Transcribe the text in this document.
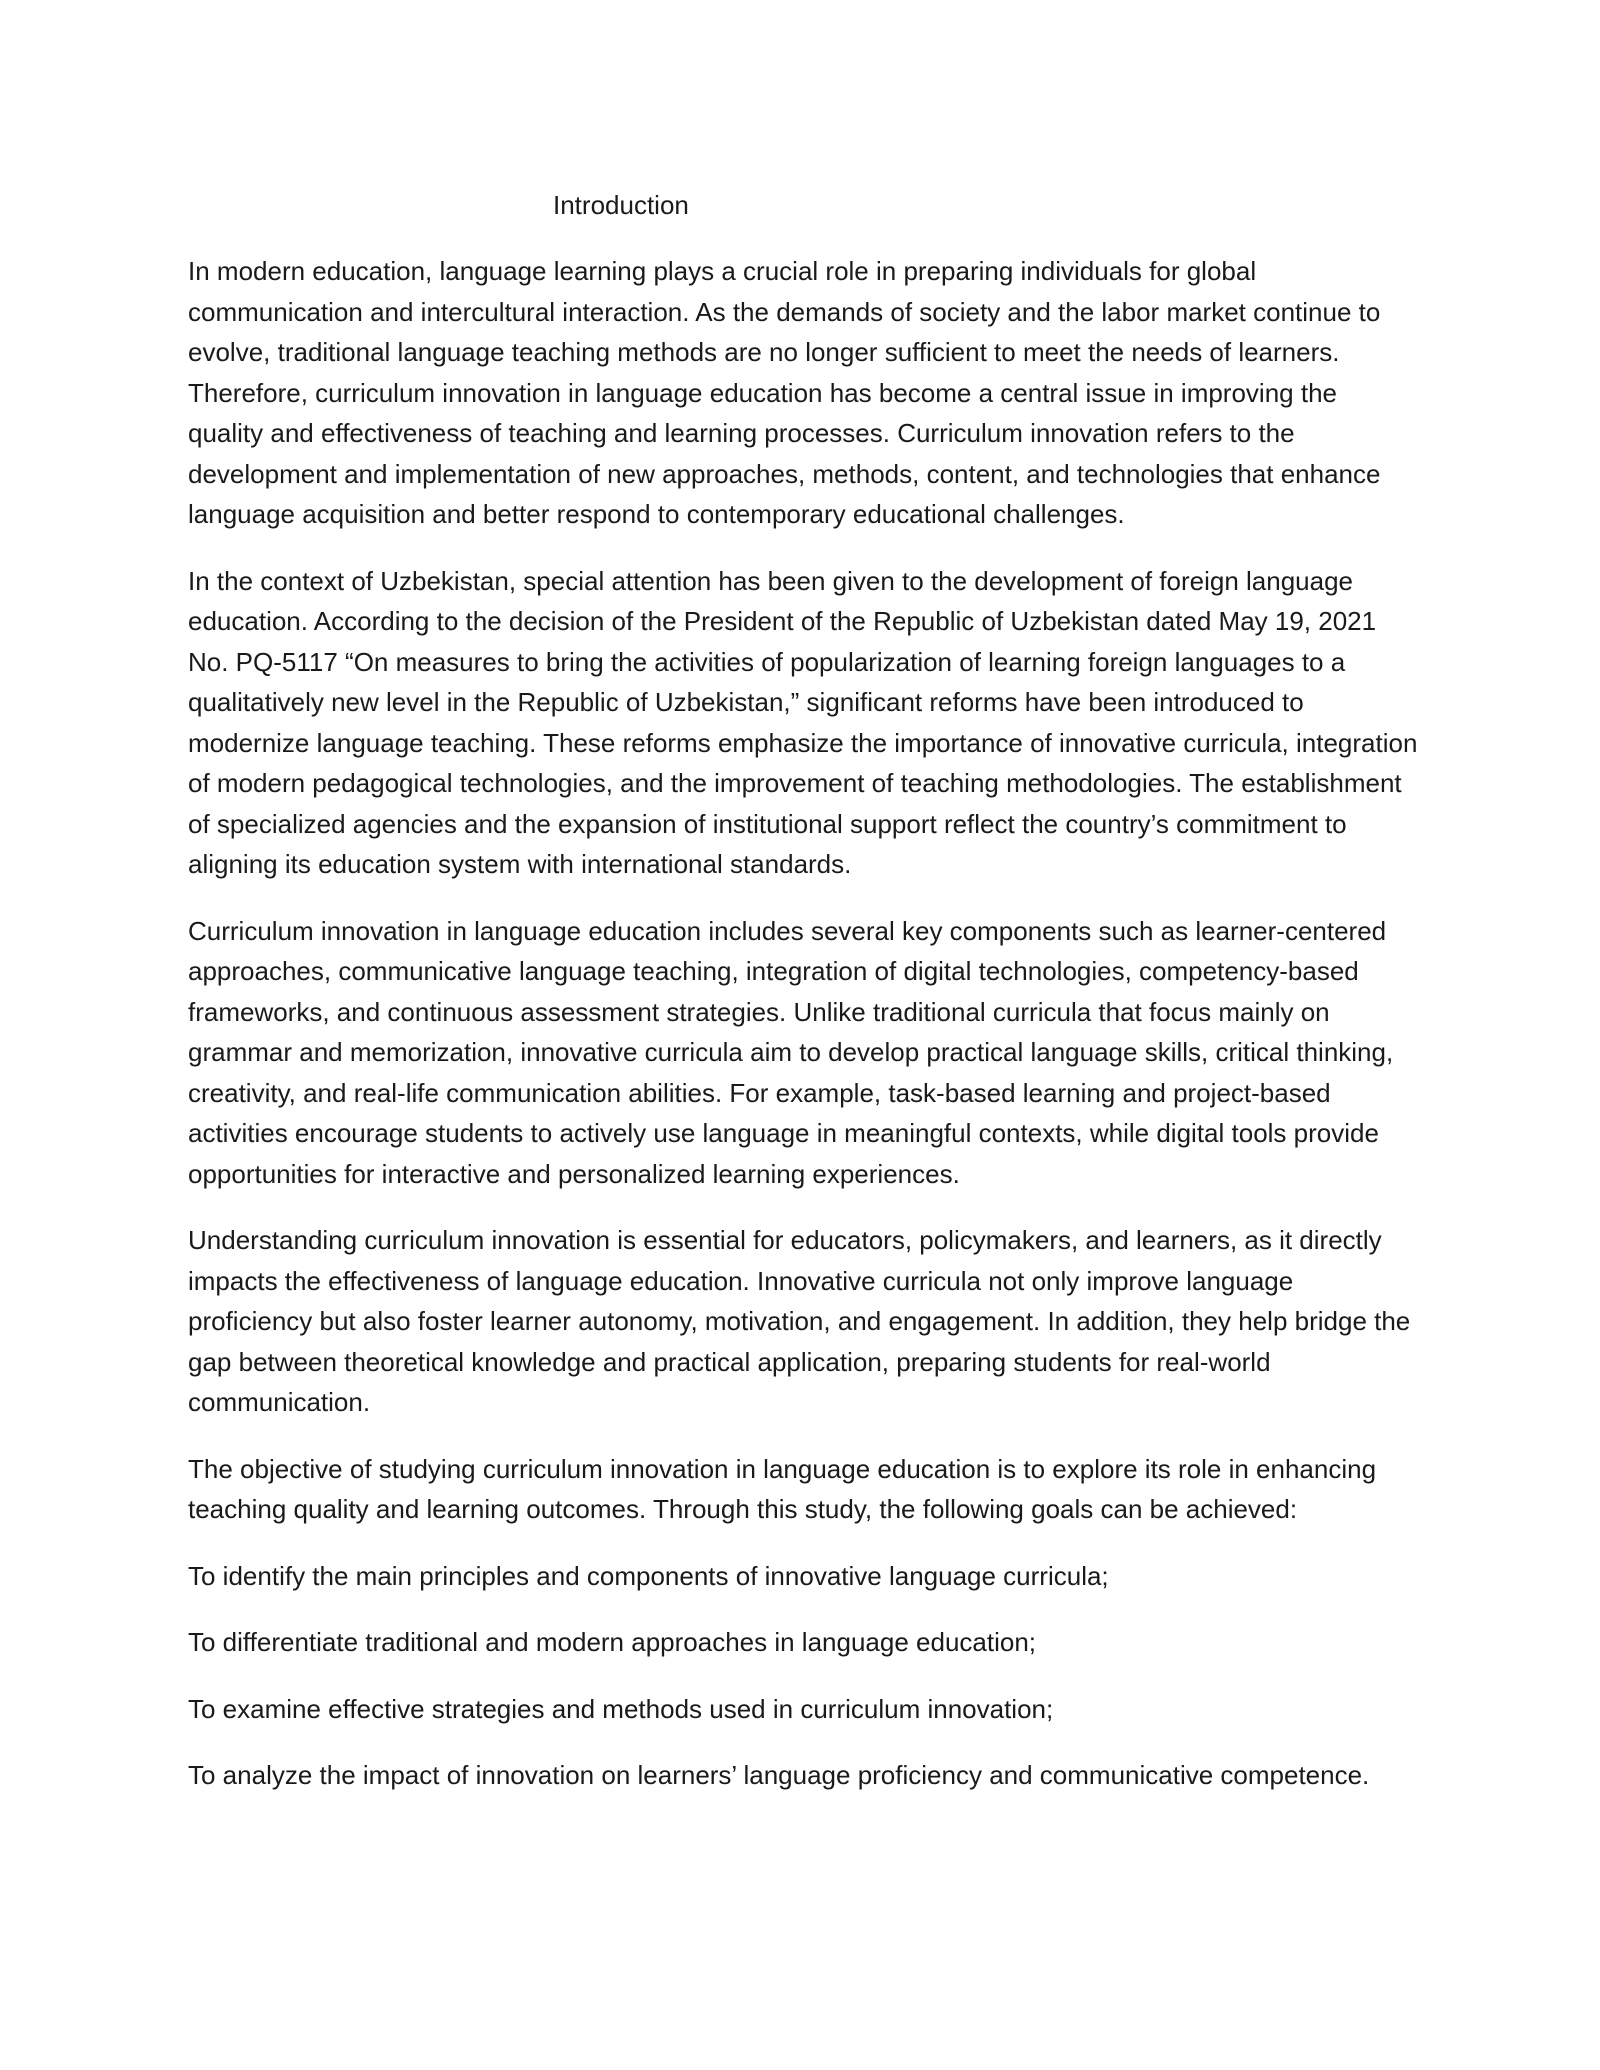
Introduction

In modern education, language learning plays a crucial role in preparing individuals for global communication and intercultural interaction. As the demands of society and the labor market continue to evolve, traditional language teaching methods are no longer sufficient to meet the needs of learners. Therefore, curriculum innovation in language education has become a central issue in improving the quality and effectiveness of teaching and learning processes. Curriculum innovation refers to the development and implementation of new approaches, methods, content, and technologies that enhance language acquisition and better respond to contemporary educational challenges.

In the context of Uzbekistan, special attention has been given to the development of foreign language education. According to the decision of the President of the Republic of Uzbekistan dated May 19, 2021 No. PQ-5117 “On measures to bring the activities of popularization of learning foreign languages to a qualitatively new level in the Republic of Uzbekistan,” significant reforms have been introduced to modernize language teaching. These reforms emphasize the importance of innovative curricula, integration of modern pedagogical technologies, and the improvement of teaching methodologies. The establishment of specialized agencies and the expansion of institutional support reflect the country’s commitment to aligning its education system with international standards.

Curriculum innovation in language education includes several key components such as learner-centered approaches, communicative language teaching, integration of digital technologies, competency-based frameworks, and continuous assessment strategies. Unlike traditional curricula that focus mainly on grammar and memorization, innovative curricula aim to develop practical language skills, critical thinking, creativity, and real-life communication abilities. For example, task-based learning and project-based activities encourage students to actively use language in meaningful contexts, while digital tools provide opportunities for interactive and personalized learning experiences.

Understanding curriculum innovation is essential for educators, policymakers, and learners, as it directly impacts the effectiveness of language education. Innovative curricula not only improve language proficiency but also foster learner autonomy, motivation, and engagement. In addition, they help bridge the gap between theoretical knowledge and practical application, preparing students for real-world communication.

The objective of studying curriculum innovation in language education is to explore its role in enhancing teaching quality and learning outcomes. Through this study, the following goals can be achieved:

To identify the main principles and components of innovative language curricula;

To differentiate traditional and modern approaches in language education;

To examine effective strategies and methods used in curriculum innovation;

To analyze the impact of innovation on learners’ language proficiency and communicative competence.
